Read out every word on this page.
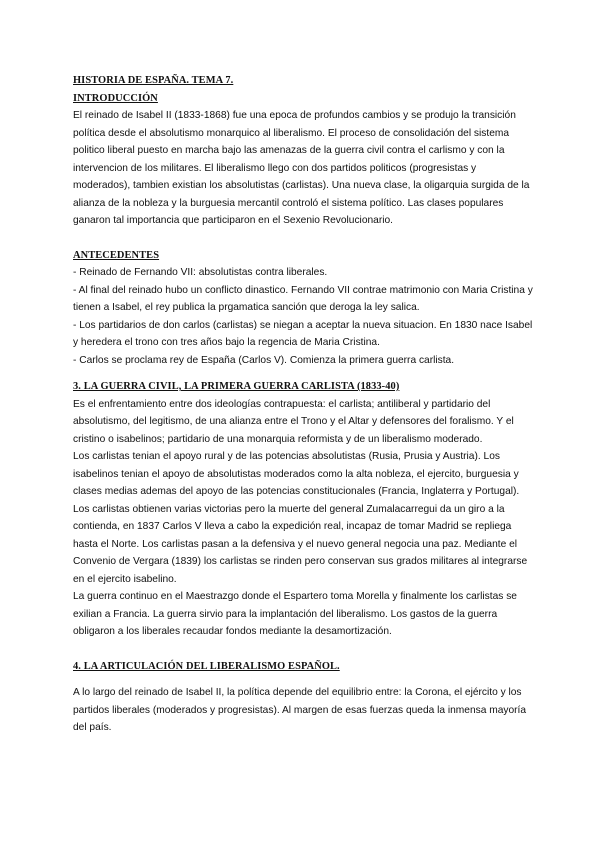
HISTORIA DE ESPAÑA. TEMA 7.
INTRODUCCIÓN

El reinado de Isabel II (1833-1868) fue una epoca de profundos cambios y se produjo la transición política desde el absolutismo monarquico al liberalismo. El proceso de consolidación del sistema politico liberal puesto en marcha bajo las amenazas de la guerra civil contra el carlismo y con la intervencion de los militares. El liberalismo llego con dos partidos politicos (progresistas y moderados), tambien existian los absolutistas (carlistas). Una nueva clase, la oligarquia surgida de la alianza de la nobleza y la burguesia mercantil controló el sistema político. Las clases populares ganaron tal importancia que participaron en el Sexenio Revolucionario.

ANTECEDENTES

- Reinado de Fernando VII: absolutistas contra liberales.

- Al final del reinado hubo un conflicto dinastico. Fernando VII contrae matrimonio con Maria Cristina y tienen a Isabel, el rey publica la prgamatica sanción que deroga la ley salica.

- Los partidarios de don carlos (carlistas) se niegan a aceptar la nueva situacion. En 1830 nace Isabel y heredera el trono con tres años bajo la regencia de Maria Cristina.

- Carlos se proclama rey de España (Carlos V). Comienza la primera guerra carlista.

3. LA GUERRA CIVIL, LA PRIMERA GUERRA CARLISTA (1833-40)

Es el enfrentamiento entre dos ideologías contrapuesta: el carlista; antiliberal y partidario del absolutismo, del legitismo, de una alianza entre el Trono y el Altar y defensores del foralismo. Y el cristino o isabelinos; partidario de una monarquia reformista y de un liberalismo moderado.

Los carlistas tenian el apoyo rural y de las potencias absolutistas (Rusia, Prusia y Austria). Los isabelinos tenian el apoyo de absolutistas moderados como la alta nobleza, el ejercito, burguesia y clases medias ademas del apoyo de las potencias constitucionales (Francia, Inglaterra y Portugal).

Los carlistas obtienen varias victorias pero la muerte del general Zumalacarregui da un giro a la contienda, en 1837 Carlos V lleva a cabo la expedición real, incapaz de tomar Madrid se repliega hasta el Norte. Los carlistas pasan a la defensiva y el nuevo general negocia una paz. Mediante el Convenio de Vergara (1839) los carlistas se rinden pero conservan sus grados militares al integrarse en el ejercito isabelino.

La guerra continuo en el Maestrazgo donde el Espartero toma Morella y finalmente los carlistas se exilian a Francia. La guerra sirvio para la implantación del liberalismo. Los gastos de la guerra obligaron a los liberales recaudar fondos mediante la desamortización.

4. LA ARTICULACIÓN DEL LIBERALISMO ESPAÑOL.

A lo largo del reinado de Isabel II, la política depende del equilibrio entre: la Corona, el ejército y los partidos liberales (moderados y progresistas). Al margen de esas fuerzas queda la inmensa mayoría del país.
